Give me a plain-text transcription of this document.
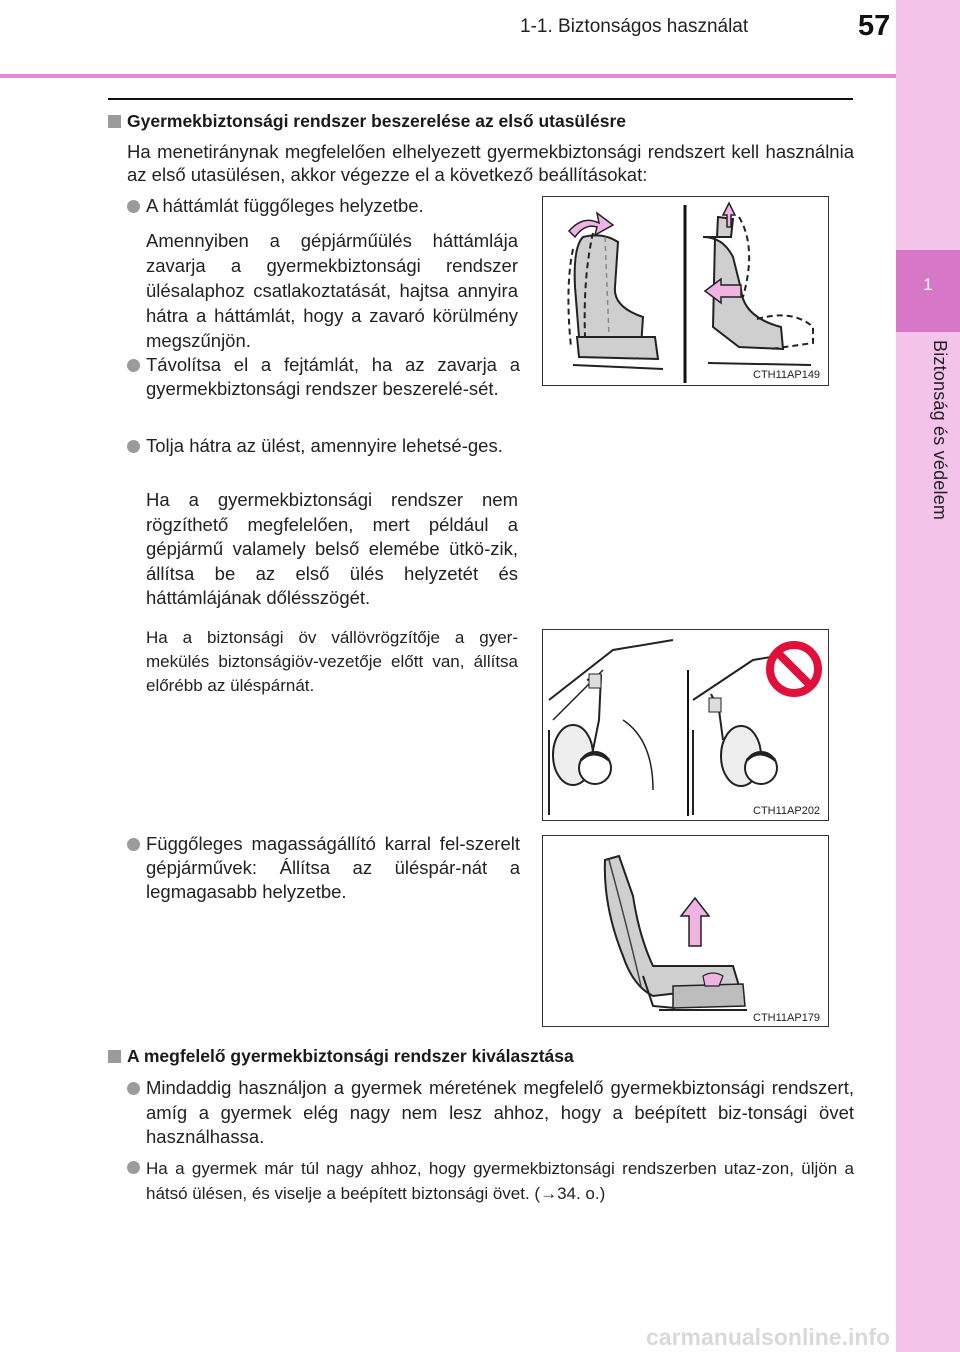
1-1. Biztonságos használat	57
1
Biztonság és védelem
Gyermekbiztonsági rendszer beszerelése az első utasülésre
Ha menetiránynak megfelelően elhelyezett gyermekbiztonsági rendszert kell használnia az első utasülésen, akkor végezze el a következő beállításokat:
A háttámlát függőleges helyzetbe.
Amennyiben a gépjárműülés háttámlája zavarja a gyermekbiztonsági rendszer ülésalaphoz csatlakoztatását, hajtsa annyira hátra a háttámlát, hogy a zavaró körülmény megszűnjön.
Távolítsa el a fejtámlát, ha az zavarja a gyermekbiztonsági rendszer beszerelé-sét.
Tolja hátra az ülést, amennyire lehetsé-ges.
Ha a gyermekbiztonsági rendszer nem rögzíthető megfelelően, mert például a gépjármű valamely belső elemébe ütkö-zik, állítsa be az első ülés helyzetét és háttámlájának dőlésszögét.
Ha a biztonsági öv vállövrögzítője a gyer-mekülés biztonságiöv-vezetője előtt van, állítsa előrébb az üléspárnát.
Függőleges magasságállító karral fel-szerelt gépjárművek: Állítsa az üléspár-nát a legmagasabb helyzetbe.
CTH11AP149
CTH11AP202
CTH11AP179
A megfelelő gyermekbiztonsági rendszer kiválasztása
Mindaddig használjon a gyermek méretének megfelelő gyermekbiztonsági rendszert, amíg a gyermek elég nagy nem lesz ahhoz, hogy a beépített biz-tonsági övet használhassa.
Ha a gyermek már túl nagy ahhoz, hogy gyermekbiztonsági rendszerben utaz-zon, üljön a hátsó ülésen, és viselje a beépített biztonsági övet. (→34. o.)
carmanualsonline.info
